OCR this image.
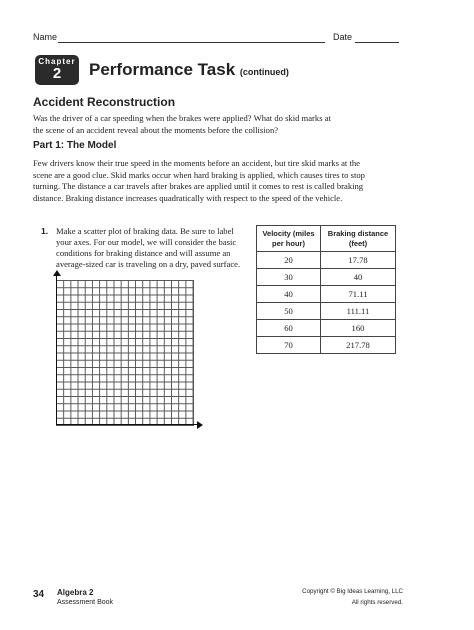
Name	Date
Chapter
2	Performance Task (continued)
Accident Reconstruction
Was the driver of a car speeding when the brakes were applied? What do skid marks at the scene of an accident reveal about the moments before the collision?
Part 1: The Model
Few drivers know their true speed in the moments before an accident, but tire skid marks at the scene are a good clue. Skid marks occur when hard braking is applied, which causes tires to stop turning. The distance a car travels after brakes are applied until it comes to rest is called braking distance. Braking distance increases quadratically with respect to the speed of the vehicle.
1. Make a scatter plot of braking data. Be sure to label your axes. For our model, we will consider the basic conditions for braking distance and will assume an average-sized car is traveling on a dry, paved surface.
Velocity (miles per hour)	Braking distance (feet)
20	17.78
30	40
40	71.11
50	111.11
60	160
70	217.78
34 Algebra 2
Assessment Book
Copyright © Big Ideas Learning, LLC
All rights reserved.
